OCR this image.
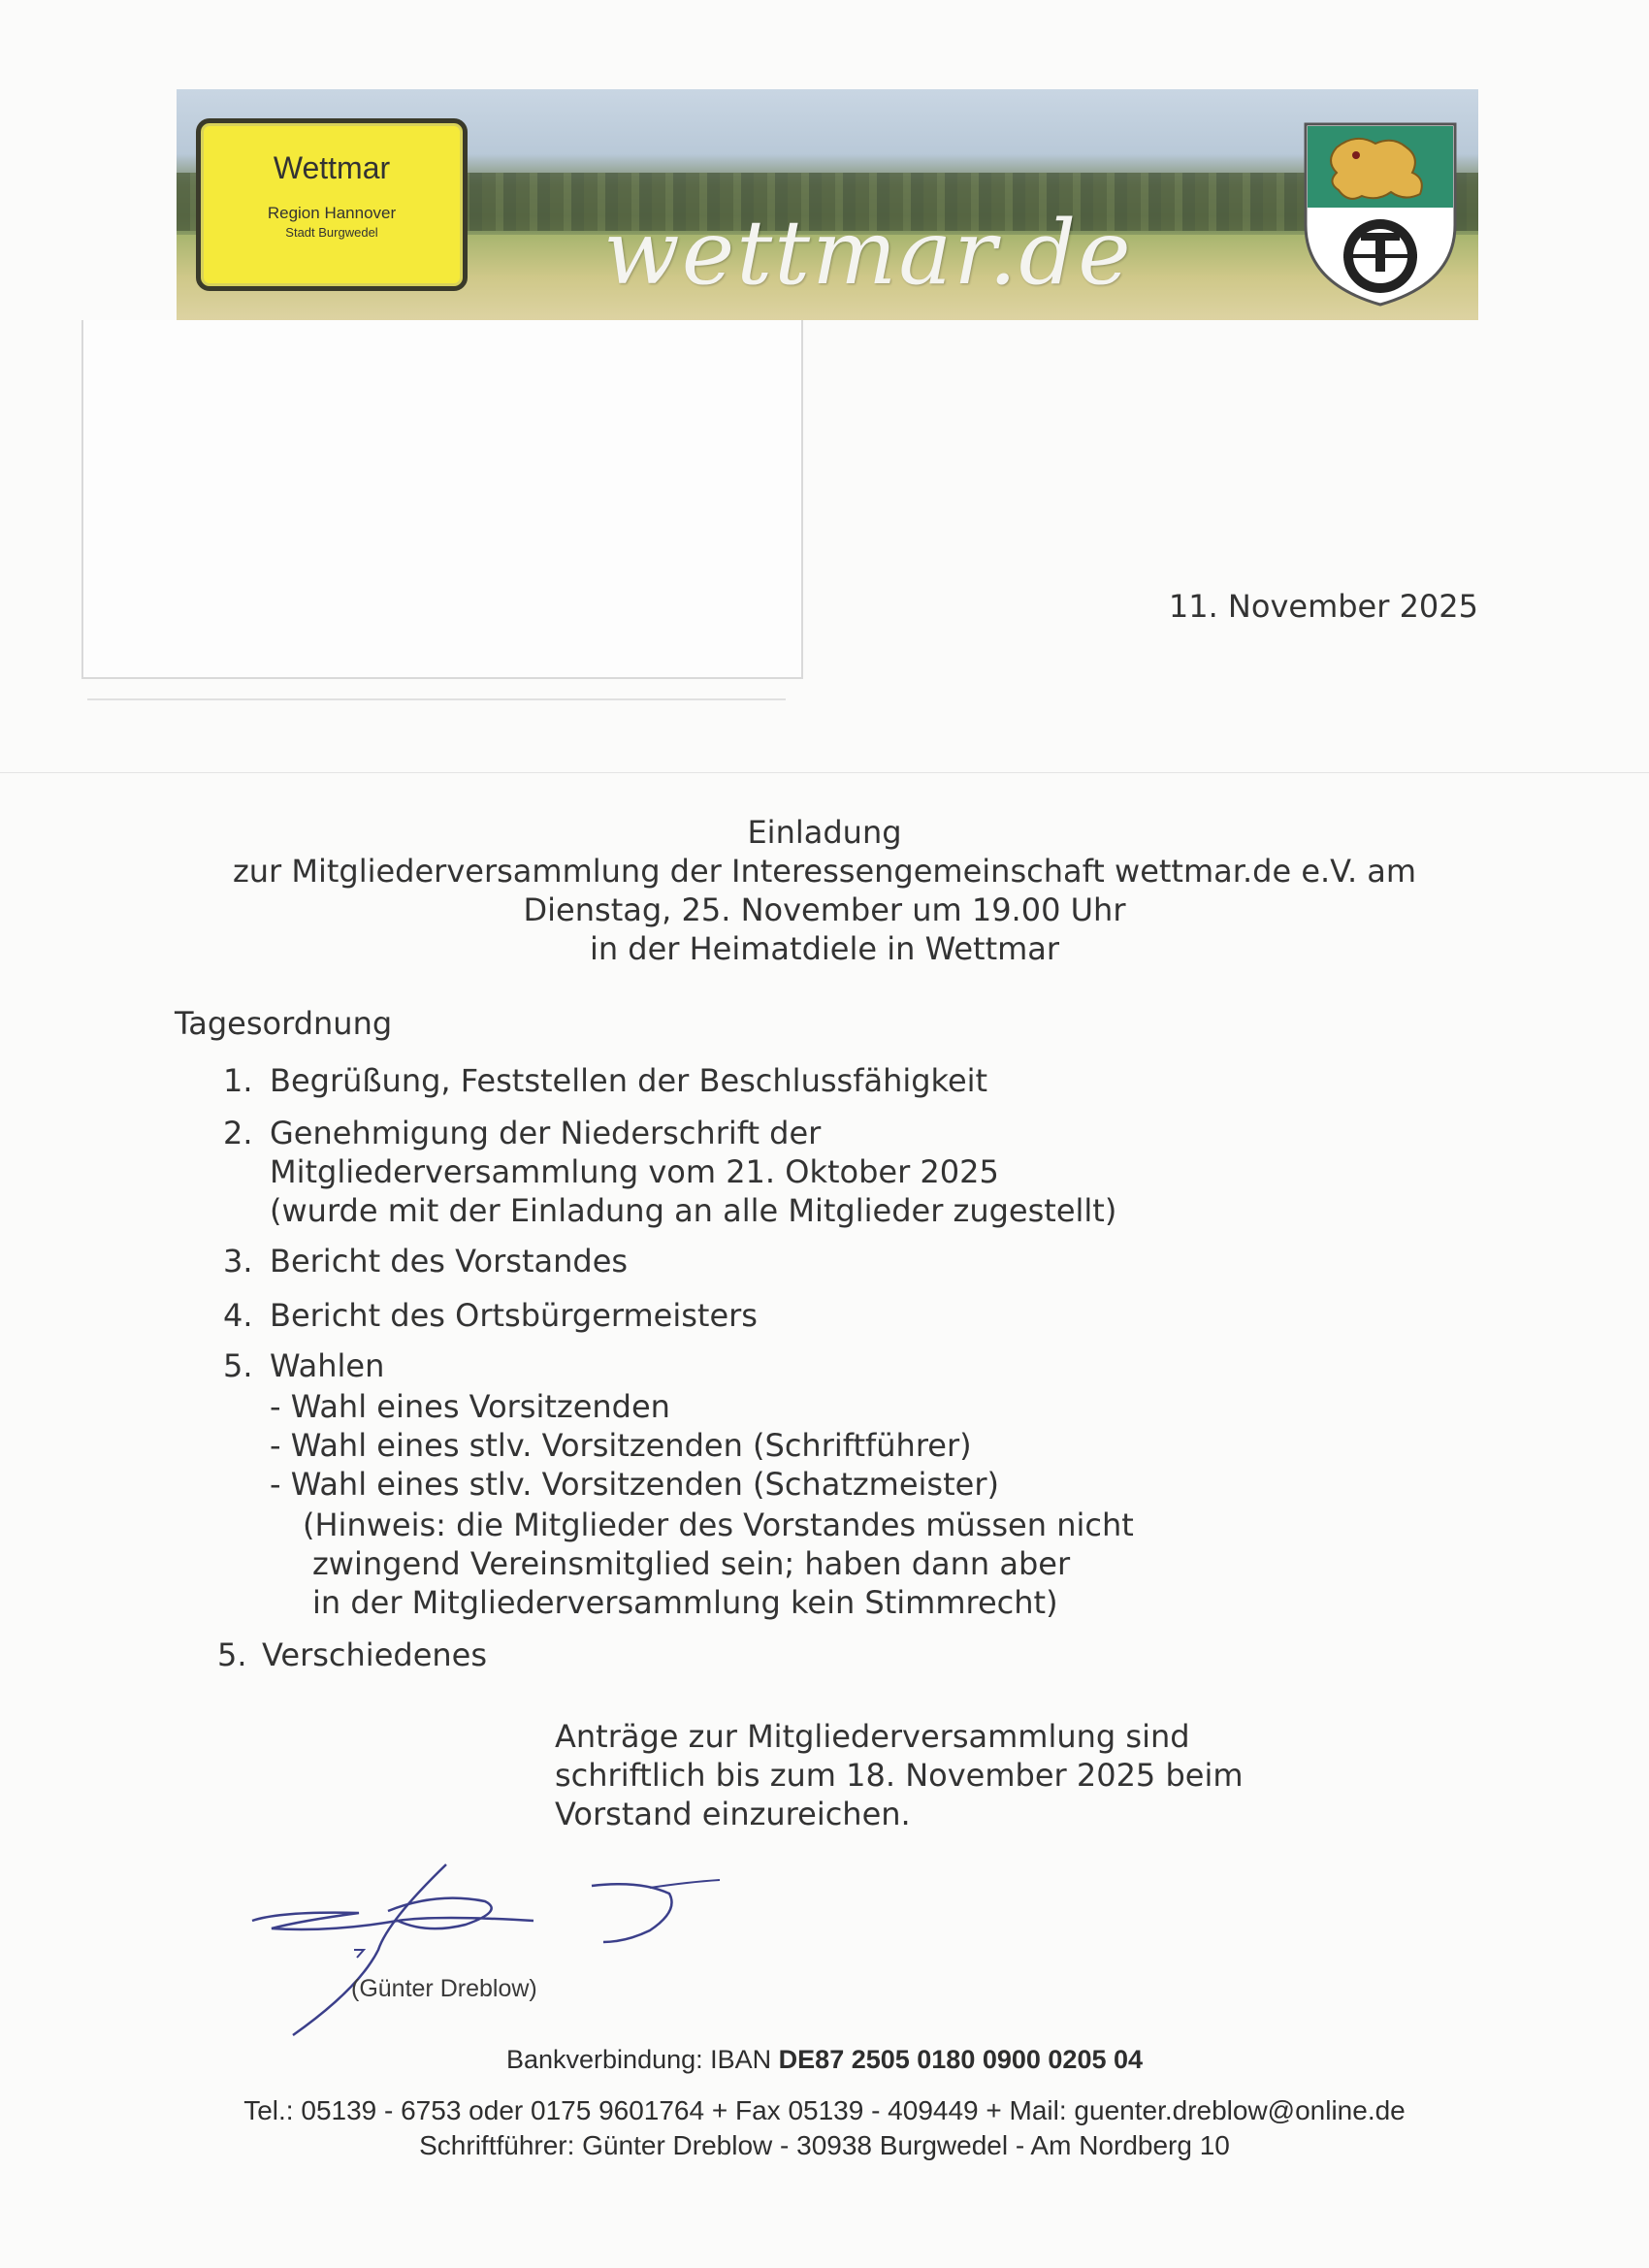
Wettmar
Region Hannover
Stadt Burgwedel	wettmar.de
11. November 2025
Einladung
zur Mitgliederversammlung der Interessengemeinschaft wettmar.de e.V. am
Dienstag, 25. November um 19.00 Uhr
in der Heimatdiele in Wettmar
Tagesordnung
1. Begrüßung, Feststellen der Beschlussfähigkeit
2. Genehmigung der Niederschrift der
Mitgliederversammlung vom 21. Oktober 2025
(wurde mit der Einladung an alle Mitglieder zugestellt)
3. Bericht des Vorstandes
4. Bericht des Ortsbürgermeisters
5. Wahlen
- Wahl eines Vorsitzenden
- Wahl eines stlv. Vorsitzenden (Schriftführer)
- Wahl eines stlv. Vorsitzenden (Schatzmeister)
(Hinweis: die Mitglieder des Vorstandes müssen nicht
zwingend Vereinsmitglied sein; haben dann aber
in der Mitgliederversammlung kein Stimmrecht)
5. Verschiedenes
Anträge zur Mitgliederversammlung sind
schriftlich bis zum 18. November 2025 beim
Vorstand einzureichen.
(Günter Dreblow)
Bankverbindung: IBAN DE87 2505 0180 0900 0205 04
Tel.: 05139 - 6753 oder 0175 9601764 + Fax 05139 - 409449 + Mail: guenter.dreblow@online.de
Schriftführer: Günter Dreblow - 30938 Burgwedel - Am Nordberg 10
